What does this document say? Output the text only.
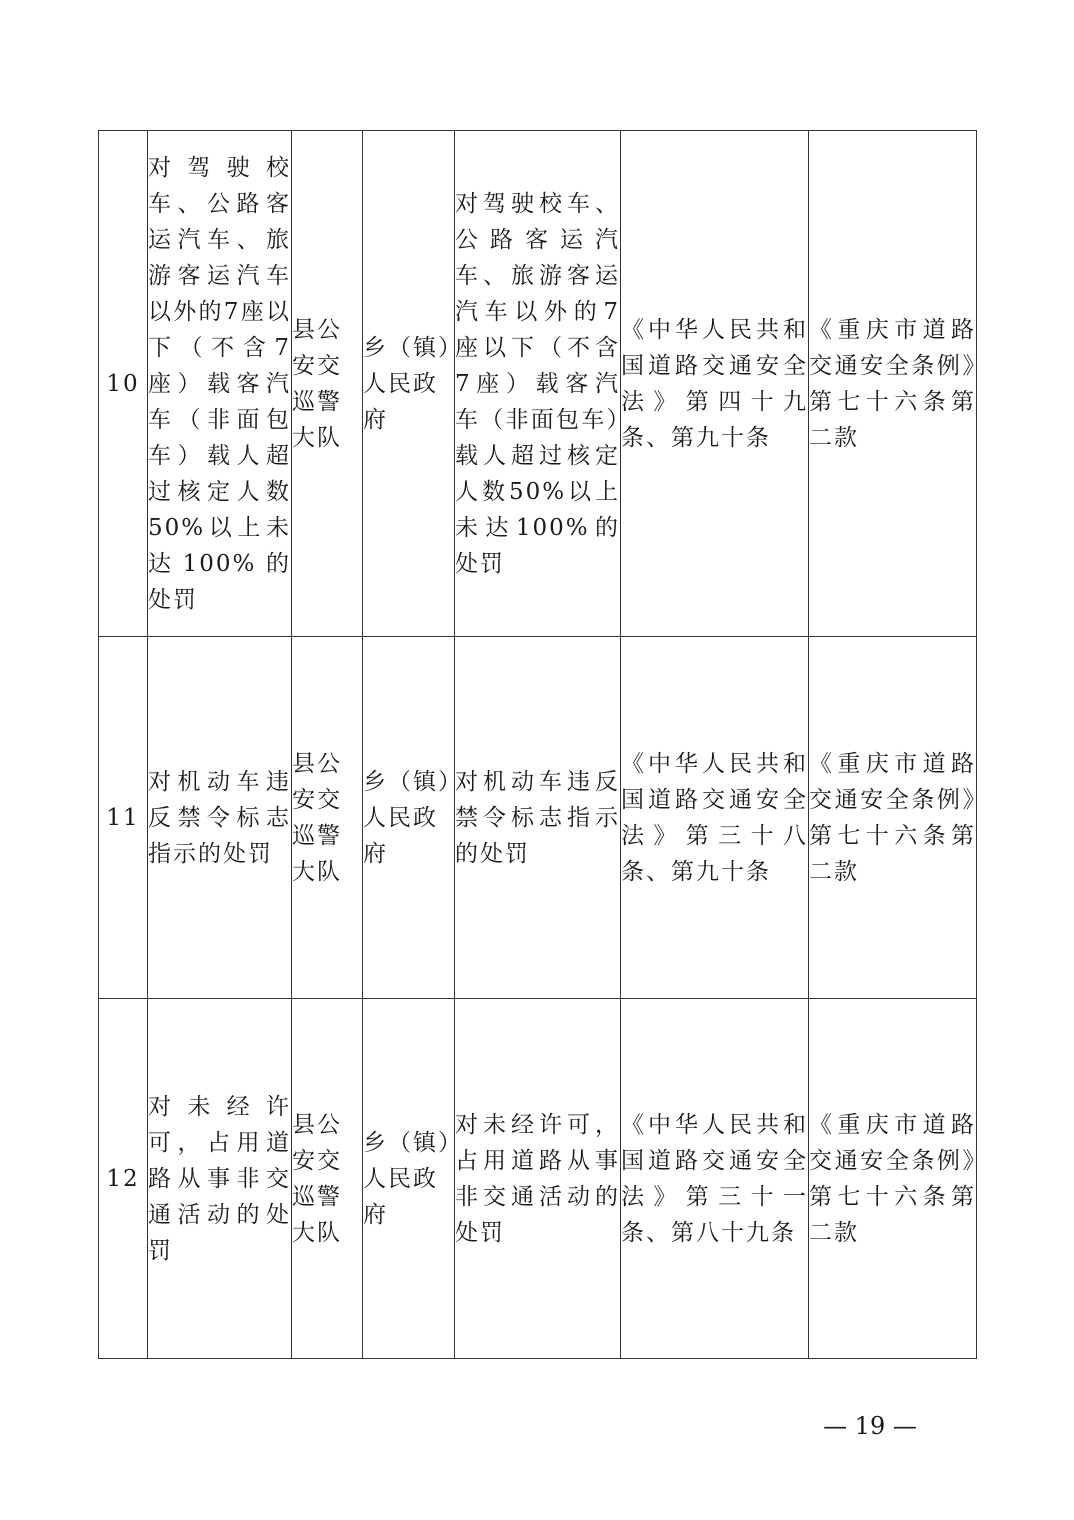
10	对驾驶校车、公路客运汽车、旅游客运汽车以外的7座以下（不含7座）载客汽车（非面包车）载人超过核定人数50%以上未达100%的处罚	县公安交巡警大队	乡（镇）人民政府	对驾驶校车、公路客运汽车、旅游客运汽车以外的7座以下（不含7座）载客汽车（非面包车）载人超过核定人数50%以上未达100%的处罚	《中华人民共和国道路交通安全法》第四十九条、第九十条	《重庆市道路交通安全条例》第七十六条第二款
11	对机动车违反禁令标志指示的处罚	县公安交巡警大队	乡（镇）人民政府	对机动车违反禁令标志指示的处罚	《中华人民共和国道路交通安全法》第三十八条、第九十条	《重庆市道路交通安全条例》第七十六条第二款
12	对未经许可，占用道路从事非交通活动的处罚	县公安交巡警大队	乡（镇）人民政府	对未经许可，占用道路从事非交通活动的处罚	《中华人民共和国道路交通安全法》第三十一条、第八十九条	《重庆市道路交通安全条例》第七十六条第二款
— 19 —
